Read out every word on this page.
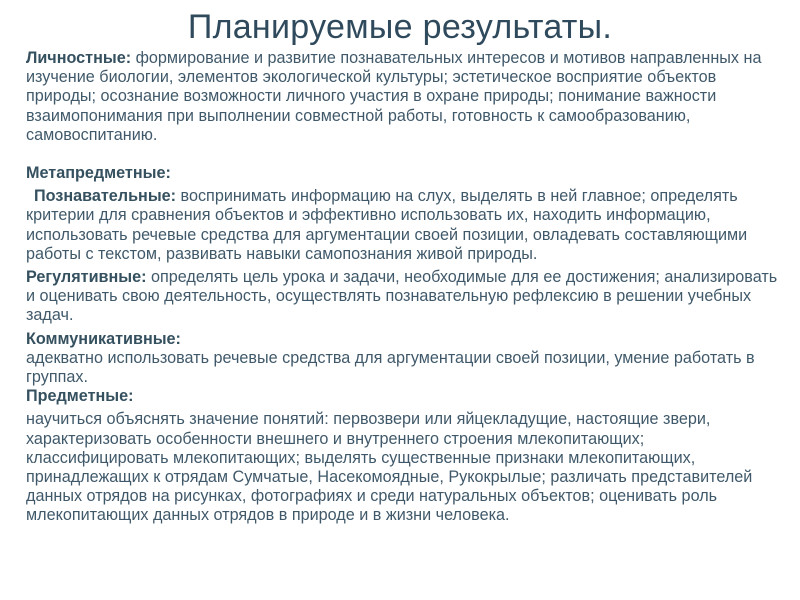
Планируемые результаты.

Личностные: формирование и развитие познавательных интересов и мотивов направленных на изучение биологии, элементов экологической культуры; эстетическое восприятие объектов природы; осознание возможности личного участия в охране природы; понимание важности взаимопонимания при выполнении совместной работы, готовность к самообразованию, самовоспитанию.

Метапредметные:

Познавательные: воспринимать информацию на слух, выделять в ней главное; определять критерии для сравнения объектов и эффективно использовать их, находить информацию, использовать речевые средства для аргументации своей позиции, овладевать составляющими работы с текстом, развивать навыки самопознания живой природы.

Регулятивные: определять цель урока и задачи, необходимые для ее достижения; анализировать и оценивать свою деятельность, осуществлять познавательную рефлексию в решении учебных задач.

Коммуникативные:
адекватно использовать речевые средства для аргументации своей позиции, умение работать в группах.

Предметные:

научиться объяснять значение понятий: первозвери или яйцекладущие, настоящие звери, характеризовать особенности внешнего и внутреннего строения млекопитающих; классифицировать млекопитающих; выделять существенные признаки млекопитающих, принадлежащих к отрядам Сумчатые, Насекомоядные, Рукокрылые; различать представителей данных отрядов на рисунках, фотографиях и среди натуральных объектов; оценивать роль млекопитающих данных отрядов в природе и в жизни человека.
